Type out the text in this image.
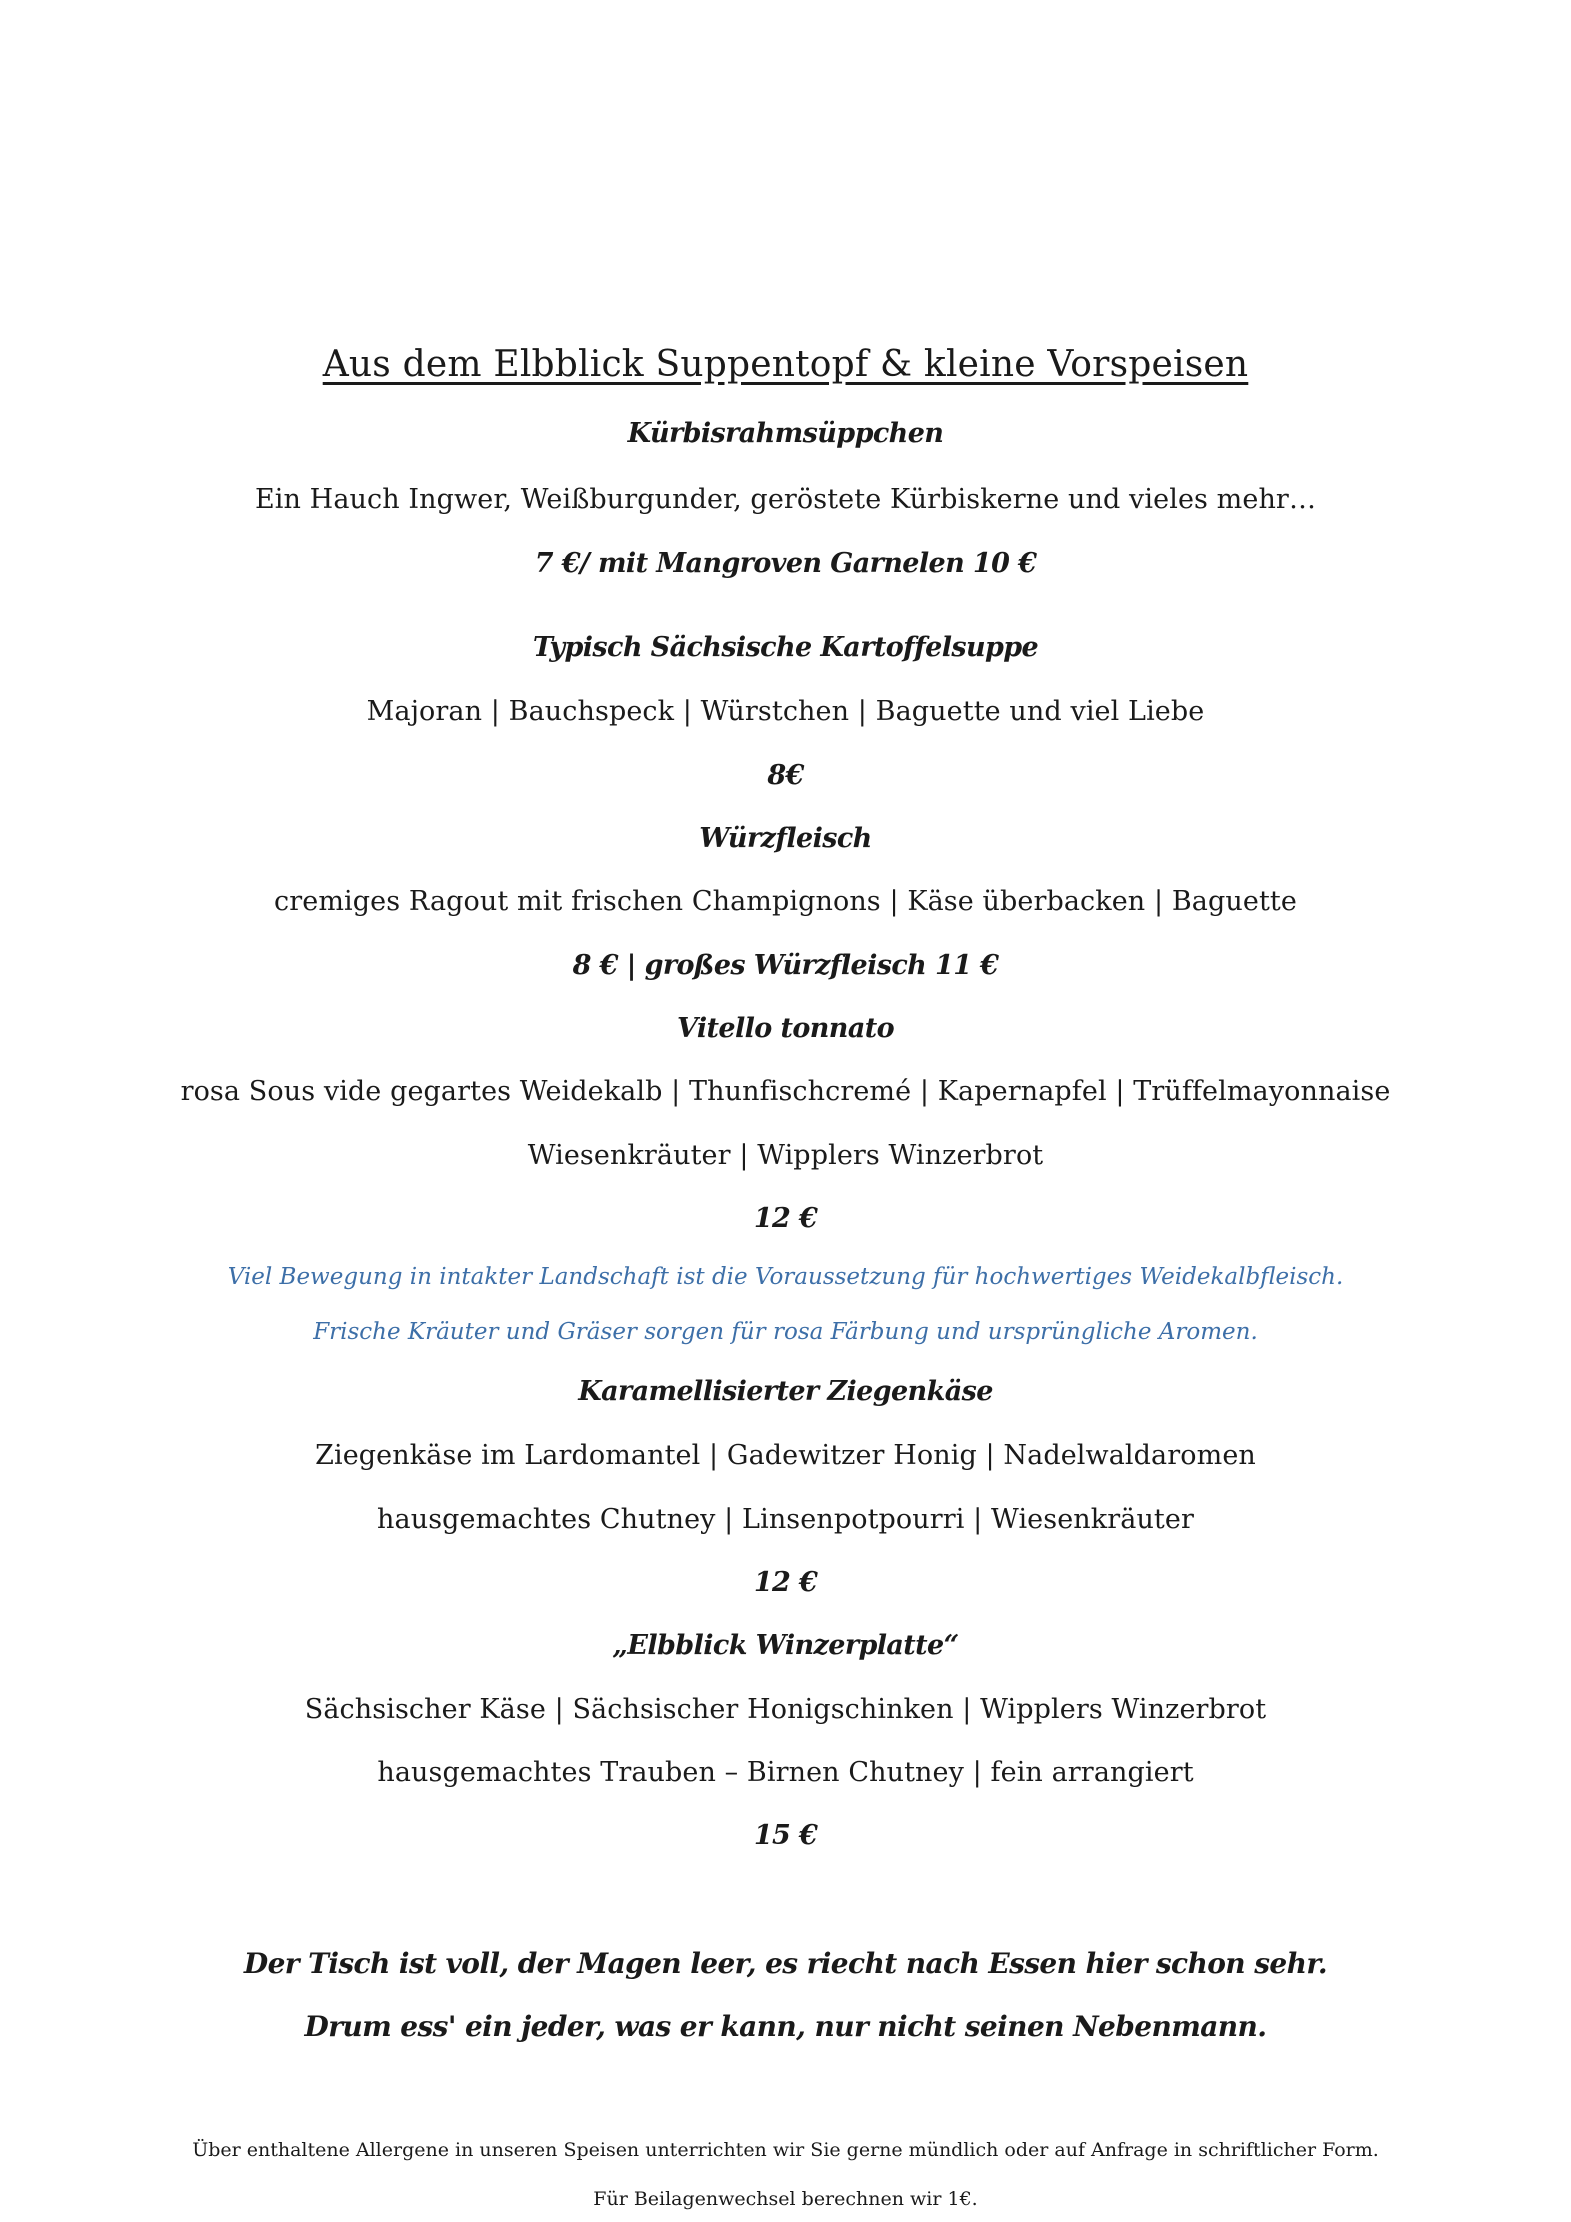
Aus dem Elbblick Suppentopf & kleine Vorspeisen
Kürbisrahmsüppchen
Ein Hauch Ingwer, Weißburgunder, geröstete Kürbiskerne und vieles mehr…
7 €/ mit Mangroven Garnelen 10 €
Typisch Sächsische Kartoffelsuppe
Majoran | Bauchspeck | Würstchen | Baguette und viel Liebe
8€
Würzfleisch
cremiges Ragout mit frischen Champignons | Käse überbacken | Baguette
8 € | großes Würzfleisch 11 €
Vitello tonnato
rosa Sous vide gegartes Weidekalb | Thunfischcremé | Kapernapfel | Trüffelmayonnaise
Wiesenkräuter | Wipplers Winzerbrot
12 €
Viel Bewegung in intakter Landschaft ist die Voraussetzung für hochwertiges Weidekalbfleisch.
Frische Kräuter und Gräser sorgen für rosa Färbung und ursprüngliche Aromen.
Karamellisierter Ziegenkäse
Ziegenkäse im Lardomantel | Gadewitzer Honig | Nadelwaldaromen
hausgemachtes Chutney | Linsenpotpourri | Wiesenkräuter
12 €
„Elbblick Winzerplatte“
Sächsischer Käse | Sächsischer Honigschinken | Wipplers Winzerbrot
hausgemachtes Trauben – Birnen Chutney | fein arrangiert
15 €
Der Tisch ist voll, der Magen leer, es riecht nach Essen hier schon sehr.
Drum ess' ein jeder, was er kann, nur nicht seinen Nebenmann.
Über enthaltene Allergene in unseren Speisen unterrichten wir Sie gerne mündlich oder auf Anfrage in schriftlicher Form.
Für Beilagenwechsel berechnen wir 1€.
